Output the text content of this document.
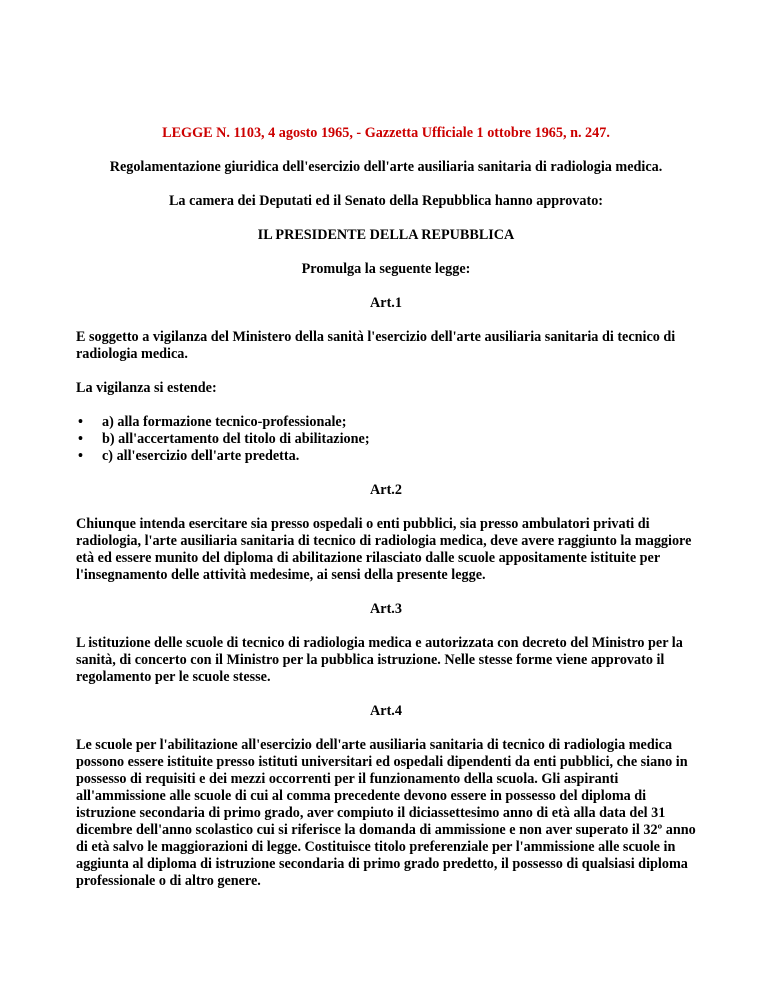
LEGGE N. 1103, 4 agosto 1965, - Gazzetta Ufficiale 1 ottobre 1965, n. 247.

Regolamentazione giuridica dell'esercizio dell'arte ausiliaria sanitaria di radiologia medica.

La camera dei Deputati ed il Senato della Repubblica hanno approvato:

IL PRESIDENTE DELLA REPUBBLICA

Promulga la seguente legge:

Art.1

E soggetto a vigilanza del Ministero della sanità l'esercizio dell'arte ausiliaria sanitaria di tecnico di radiologia medica.

La vigilanza si estende:

• a) alla formazione tecnico-professionale;
• b) all'accertamento del titolo di abilitazione;
• c) all'esercizio dell'arte predetta.

Art.2

Chiunque intenda esercitare sia presso ospedali o enti pubblici, sia presso ambulatori privati di radiologia, l'arte ausiliaria sanitaria di tecnico di radiologia medica, deve avere raggiunto la maggiore età ed essere munito del diploma di abilitazione rilasciato dalle scuole appositamente istituite per l'insegnamento delle attività medesime, ai sensi della presente legge.

Art.3

L istituzione delle scuole di tecnico di radiologia medica e autorizzata con decreto del Ministro per la sanità, di concerto con il Ministro per la pubblica istruzione. Nelle stesse forme viene approvato il regolamento per le scuole stesse.

Art.4

Le scuole per l'abilitazione all'esercizio dell'arte ausiliaria sanitaria di tecnico di radiologia medica possono essere istituite presso istituti universitari ed ospedali dipendenti da enti pubblici, che siano in possesso di requisiti e dei mezzi occorrenti per il funzionamento della scuola. Gli aspiranti all'ammissione alle scuole di cui al comma precedente devono essere in possesso del diploma di istruzione secondaria di primo grado, aver compiuto il diciassettesimo anno di età alla data del 31 dicembre dell'anno scolastico cui si riferisce la domanda di ammissione e non aver superato il 32º anno di età salvo le maggiorazioni di legge. Costituisce titolo preferenziale per l'ammissione alle scuole in aggiunta al diploma di istruzione secondaria di primo grado predetto, il possesso di qualsiasi diploma professionale o di altro genere.
